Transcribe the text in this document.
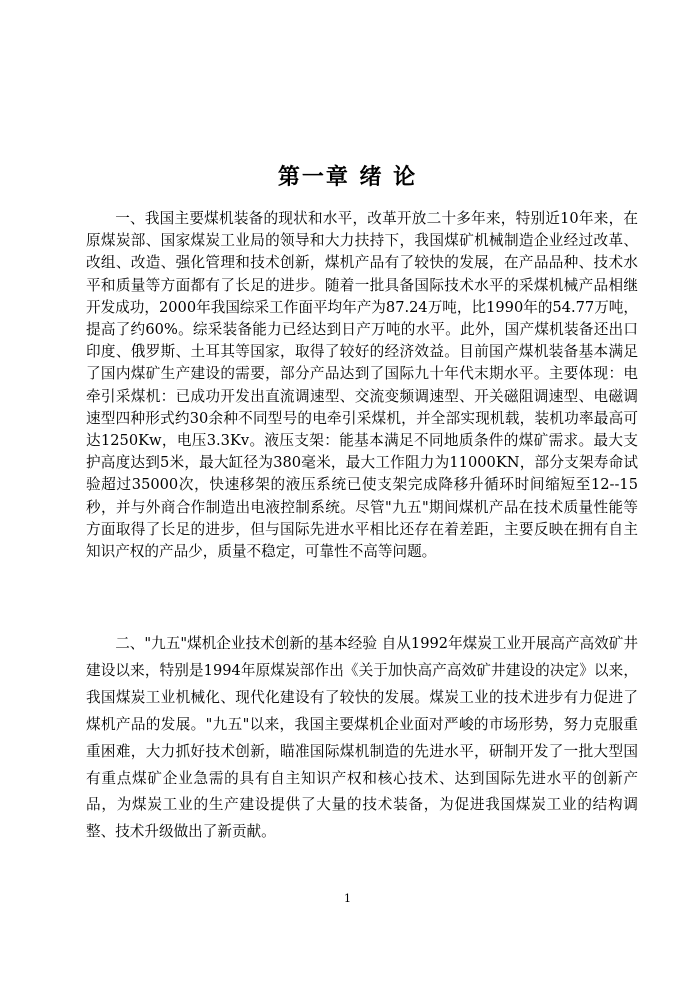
第一章 绪 论

一、我国主要煤机装备的现状和水平，改革开放二十多年来，特别近10年来，在原煤炭部、国家煤炭工业局的领导和大力扶持下，我国煤矿机械制造企业经过改革、改组、改造、强化管理和技术创新，煤机产品有了较快的发展，在产品品种、技术水平和质量等方面都有了长足的进步。随着一批具备国际技术水平的采煤机械产品相继开发成功，2000年我国综采工作面平均年产为87.24万吨，比1990年的54.77万吨，提高了约60%。综采装备能力已经达到日产万吨的水平。此外，国产煤机装备还出口印度、俄罗斯、土耳其等国家，取得了较好的经济效益。目前国产煤机装备基本满足了国内煤矿生产建设的需要，部分产品达到了国际九十年代末期水平。主要体现：电牵引采煤机：已成功开发出直流调速型、交流变频调速型、开关磁阻调速型、电磁调速型四种形式约30余种不同型号的电牵引采煤机，并全部实现机载，装机功率最高可达1250Kw，电压3.3Kv。液压支架：能基本满足不同地质条件的煤矿需求。最大支护高度达到5米，最大缸径为380毫米，最大工作阻力为11000KN，部分支架寿命试验超过35000次，快速移架的液压系统已使支架完成降移升循环时间缩短至12--15秒，并与外商合作制造出电液控制系统。尽管"九五"期间煤机产品在技术质量性能等方面取得了长足的进步，但与国际先进水平相比还存在着差距，主要反映在拥有自主知识产权的产品少，质量不稳定，可靠性不高等问题。

二、"九五"煤机企业技术创新的基本经验 自从1992年煤炭工业开展高产高效矿井建设以来，特别是1994年原煤炭部作出《关于加快高产高效矿井建设的决定》以来，我国煤炭工业机械化、现代化建设有了较快的发展。煤炭工业的技术进步有力促进了煤机产品的发展。"九五"以来，我国主要煤机企业面对严峻的市场形势，努力克服重重困难，大力抓好技术创新，瞄准国际煤机制造的先进水平，研制开发了一批大型国有重点煤矿企业急需的具有自主知识产权和核心技术、达到国际先进水平的创新产品，为煤炭工业的生产建设提供了大量的技术装备，为促进我国煤炭工业的结构调整、技术升级做出了新贡献。

1
